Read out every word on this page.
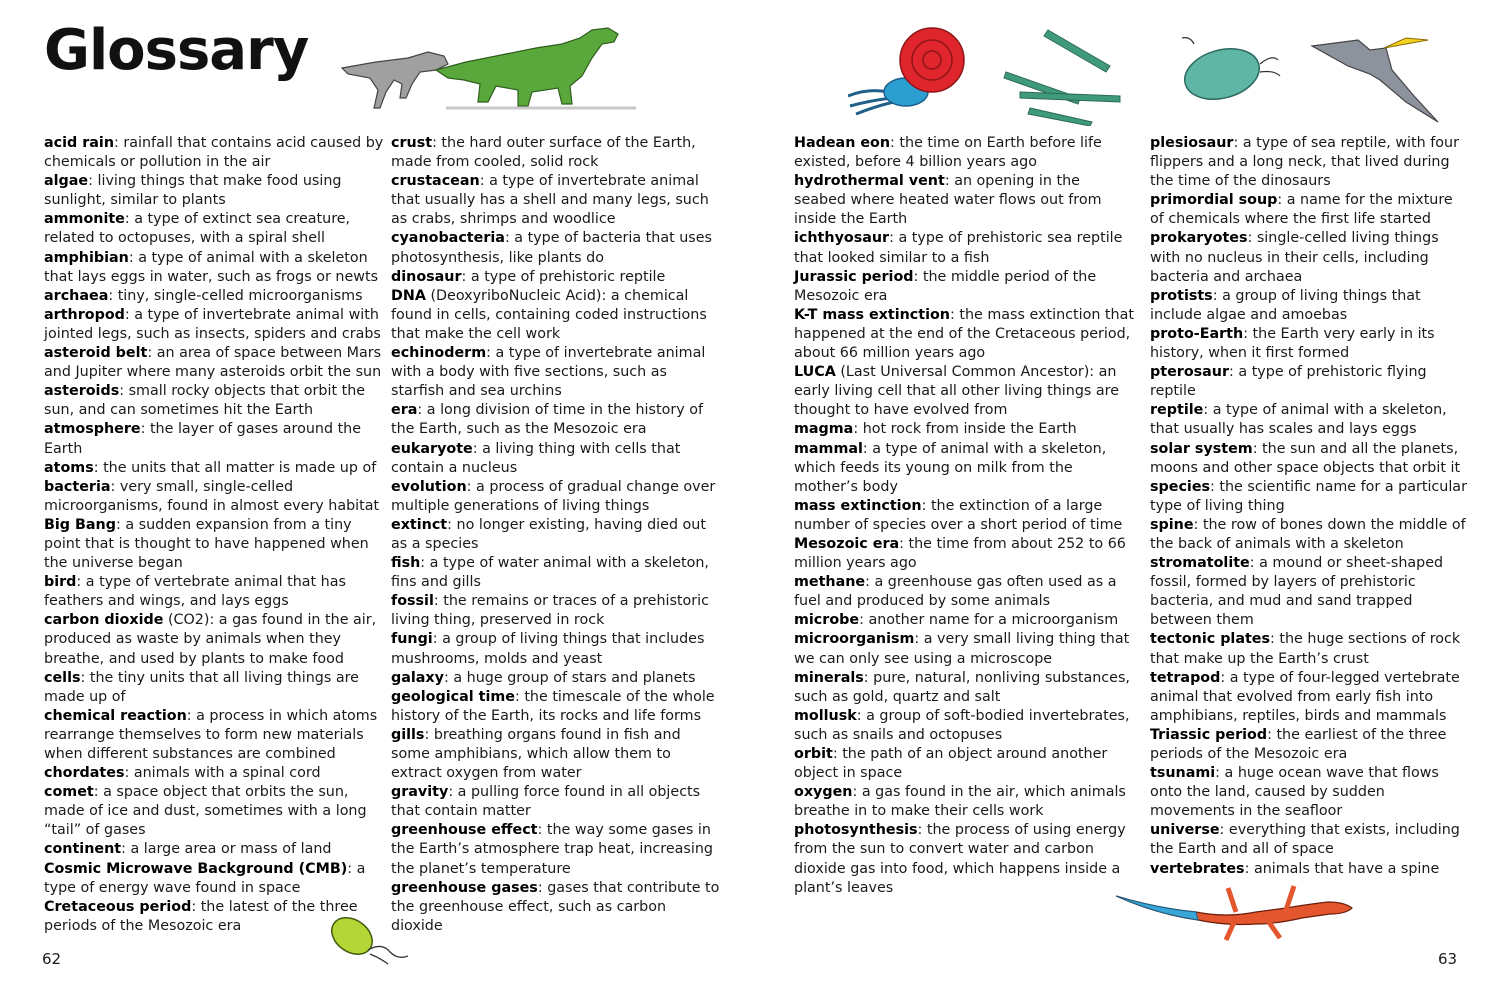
Glossary

acid rain: rainfall that contains acid caused by chemicals or pollution in the air

algae: living things that make food using sunlight, similar to plants

ammonite: a type of extinct sea creature, related to octopuses, with a spiral shell

amphibian: a type of animal with a skeleton that lays eggs in water, such as frogs or newts

archaea: tiny, single-celled microorganisms

arthropod: a type of invertebrate animal with jointed legs, such as insects, spiders and crabs

asteroid belt: an area of space between Mars and Jupiter where many asteroids orbit the sun

asteroids: small rocky objects that orbit the sun, and can sometimes hit the Earth

atmosphere: the layer of gases around the Earth

atoms: the units that all matter is made up of

bacteria: very small, single-celled microorganisms, found in almost every habitat

Big Bang: a sudden expansion from a tiny point that is thought to have happened when the universe began

bird: a type of vertebrate animal that has feathers and wings, and lays eggs

carbon dioxide (CO2): a gas found in the air, produced as waste by animals when they breathe, and used by plants to make food

cells: the tiny units that all living things are made up of

chemical reaction: a process in which atoms rearrange themselves to form new materials when different substances are combined

chordates: animals with a spinal cord

comet: a space object that orbits the sun, made of ice and dust, sometimes with a long “tail” of gases

continent: a large area or mass of land

Cosmic Microwave Background (CMB): a type of energy wave found in space

Cretaceous period: the latest of the three periods of the Mesozoic era

crust: the hard outer surface of the Earth, made from cooled, solid rock

crustacean: a type of invertebrate animal that usually has a shell and many legs, such as crabs, shrimps and woodlice

cyanobacteria: a type of bacteria that uses photosynthesis, like plants do

dinosaur: a type of prehistoric reptile

DNA (DeoxyriboNucleic Acid): a chemical found in cells, containing coded instructions that make the cell work

echinoderm: a type of invertebrate animal with a body with five sections, such as starfish and sea urchins

era: a long division of time in the history of the Earth, such as the Mesozoic era

eukaryote: a living thing with cells that contain a nucleus

evolution: a process of gradual change over multiple generations of living things

extinct: no longer existing, having died out as a species

fish: a type of water animal with a skeleton, fins and gills

fossil: the remains or traces of a prehistoric living thing, preserved in rock

fungi: a group of living things that includes mushrooms, molds and yeast

galaxy: a huge group of stars and planets

geological time: the timescale of the whole history of the Earth, its rocks and life forms

gills: breathing organs found in fish and some amphibians, which allow them to extract oxygen from water

gravity: a pulling force found in all objects that contain matter

greenhouse effect: the way some gases in the Earth’s atmosphere trap heat, increasing the planet’s temperature

greenhouse gases: gases that contribute to the greenhouse effect, such as carbon dioxide

Hadean eon: the time on Earth before life existed, before 4 billion years ago

hydrothermal vent: an opening in the seabed where heated water flows out from inside the Earth

ichthyosaur: a type of prehistoric sea reptile that looked similar to a fish

Jurassic period: the middle period of the Mesozoic era

K-T mass extinction: the mass extinction that happened at the end of the Cretaceous period, about 66 million years ago

LUCA (Last Universal Common Ancestor): an early living cell that all other living things are thought to have evolved from

magma: hot rock from inside the Earth

mammal: a type of animal with a skeleton, which feeds its young on milk from the mother’s body

mass extinction: the extinction of a large number of species over a short period of time

Mesozoic era: the time from about 252 to 66 million years ago

methane: a greenhouse gas often used as a fuel and produced by some animals

microbe: another name for a microorganism

microorganism: a very small living thing that we can only see using a microscope

minerals: pure, natural, nonliving substances, such as gold, quartz and salt

mollusk: a group of soft-bodied invertebrates, such as snails and octopuses

orbit: the path of an object around another object in space

oxygen: a gas found in the air, which animals breathe in to make their cells work

photosynthesis: the process of using energy from the sun to convert water and carbon dioxide gas into food, which happens inside a plant’s leaves

plesiosaur: a type of sea reptile, with four flippers and a long neck, that lived during the time of the dinosaurs

primordial soup: a name for the mixture of chemicals where the first life started

prokaryotes: single-celled living things with no nucleus in their cells, including bacteria and archaea

protists: a group of living things that include algae and amoebas

proto-Earth: the Earth very early in its history, when it first formed

pterosaur: a type of prehistoric flying reptile

reptile: a type of animal with a skeleton, that usually has scales and lays eggs

solar system: the sun and all the planets, moons and other space objects that orbit it

species: the scientific name for a particular type of living thing

spine: the row of bones down the middle of the back of animals with a skeleton

stromatolite: a mound or sheet-shaped fossil, formed by layers of prehistoric bacteria, and mud and sand trapped between them

tectonic plates: the huge sections of rock that make up the Earth’s crust

tetrapod: a type of four-legged vertebrate animal that evolved from early fish into amphibians, reptiles, birds and mammals

Triassic period: the earliest of the three periods of the Mesozoic era

tsunami: a huge ocean wave that flows onto the land, caused by sudden movements in the seafloor

universe: everything that exists, including the Earth and all of space

vertebrates: animals that have a spine

62	63
